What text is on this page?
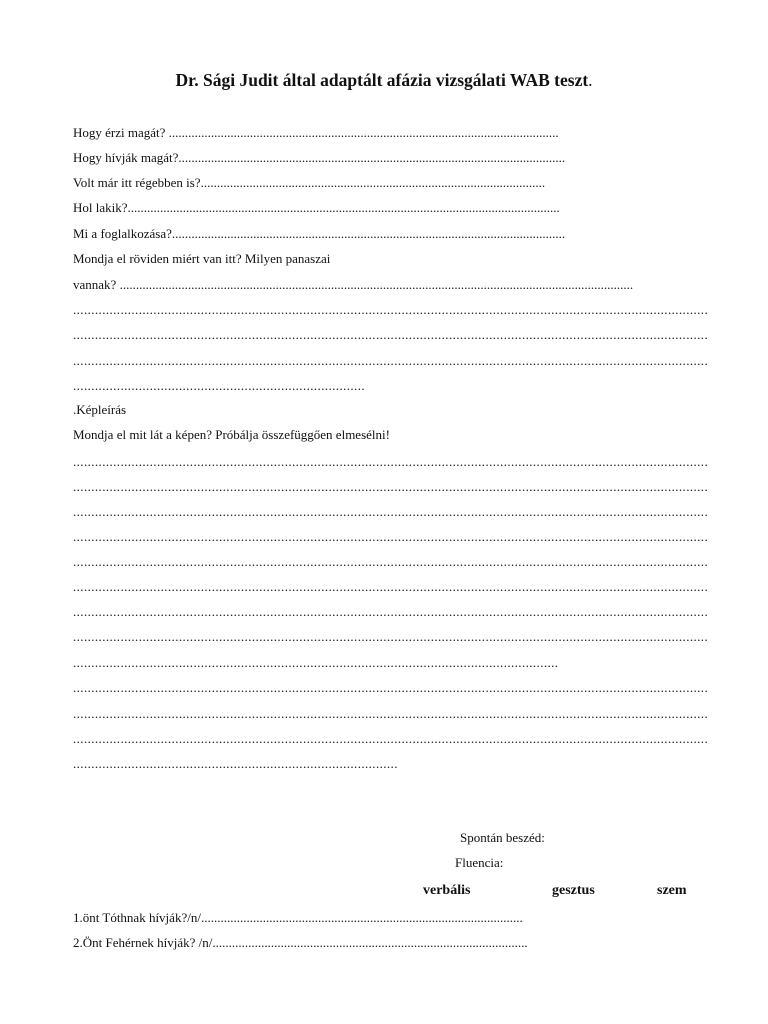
Dr. Sági Judit által adaptált afázia vizsgálati WAB teszt.
Hogy érzi magát? ........................................................................................................................
Hogy hívják magát?.......................................................................................................................
Volt már itt régebben is?..........................................................................................................
Hol lakik?.....................................................................................................................................
Mi a foglalkozása?.........................................................................................................................
Mondja el röviden miért van itt? Milyen panaszai
vannak? ..............................................................................................................................................................
..............................................................................................................................................................................
..............................................................................................................................................................................
..............................................................................................................................................................................
................................................................................
.Képleírás
Mondja el mit lát a képen? Próbálja összefüggően elmesélni!
..............................................................................................................................................................................
..............................................................................................................................................................................
..............................................................................................................................................................................
..............................................................................................................................................................................
..............................................................................................................................................................................
..............................................................................................................................................................................
..............................................................................................................................................................................
..............................................................................................................................................................................
.....................................................................................................................................
..............................................................................................................................................................................
..............................................................................................................................................................................
..............................................................................................................................................................................
.........................................................................................
Spontán beszéd:
Fluencia:
verbális	gesztus	szem
1.önt Tóthnak hívják?/n/...................................................................................................
2.Önt Fehérnek hívják? /n/.................................................................................................
